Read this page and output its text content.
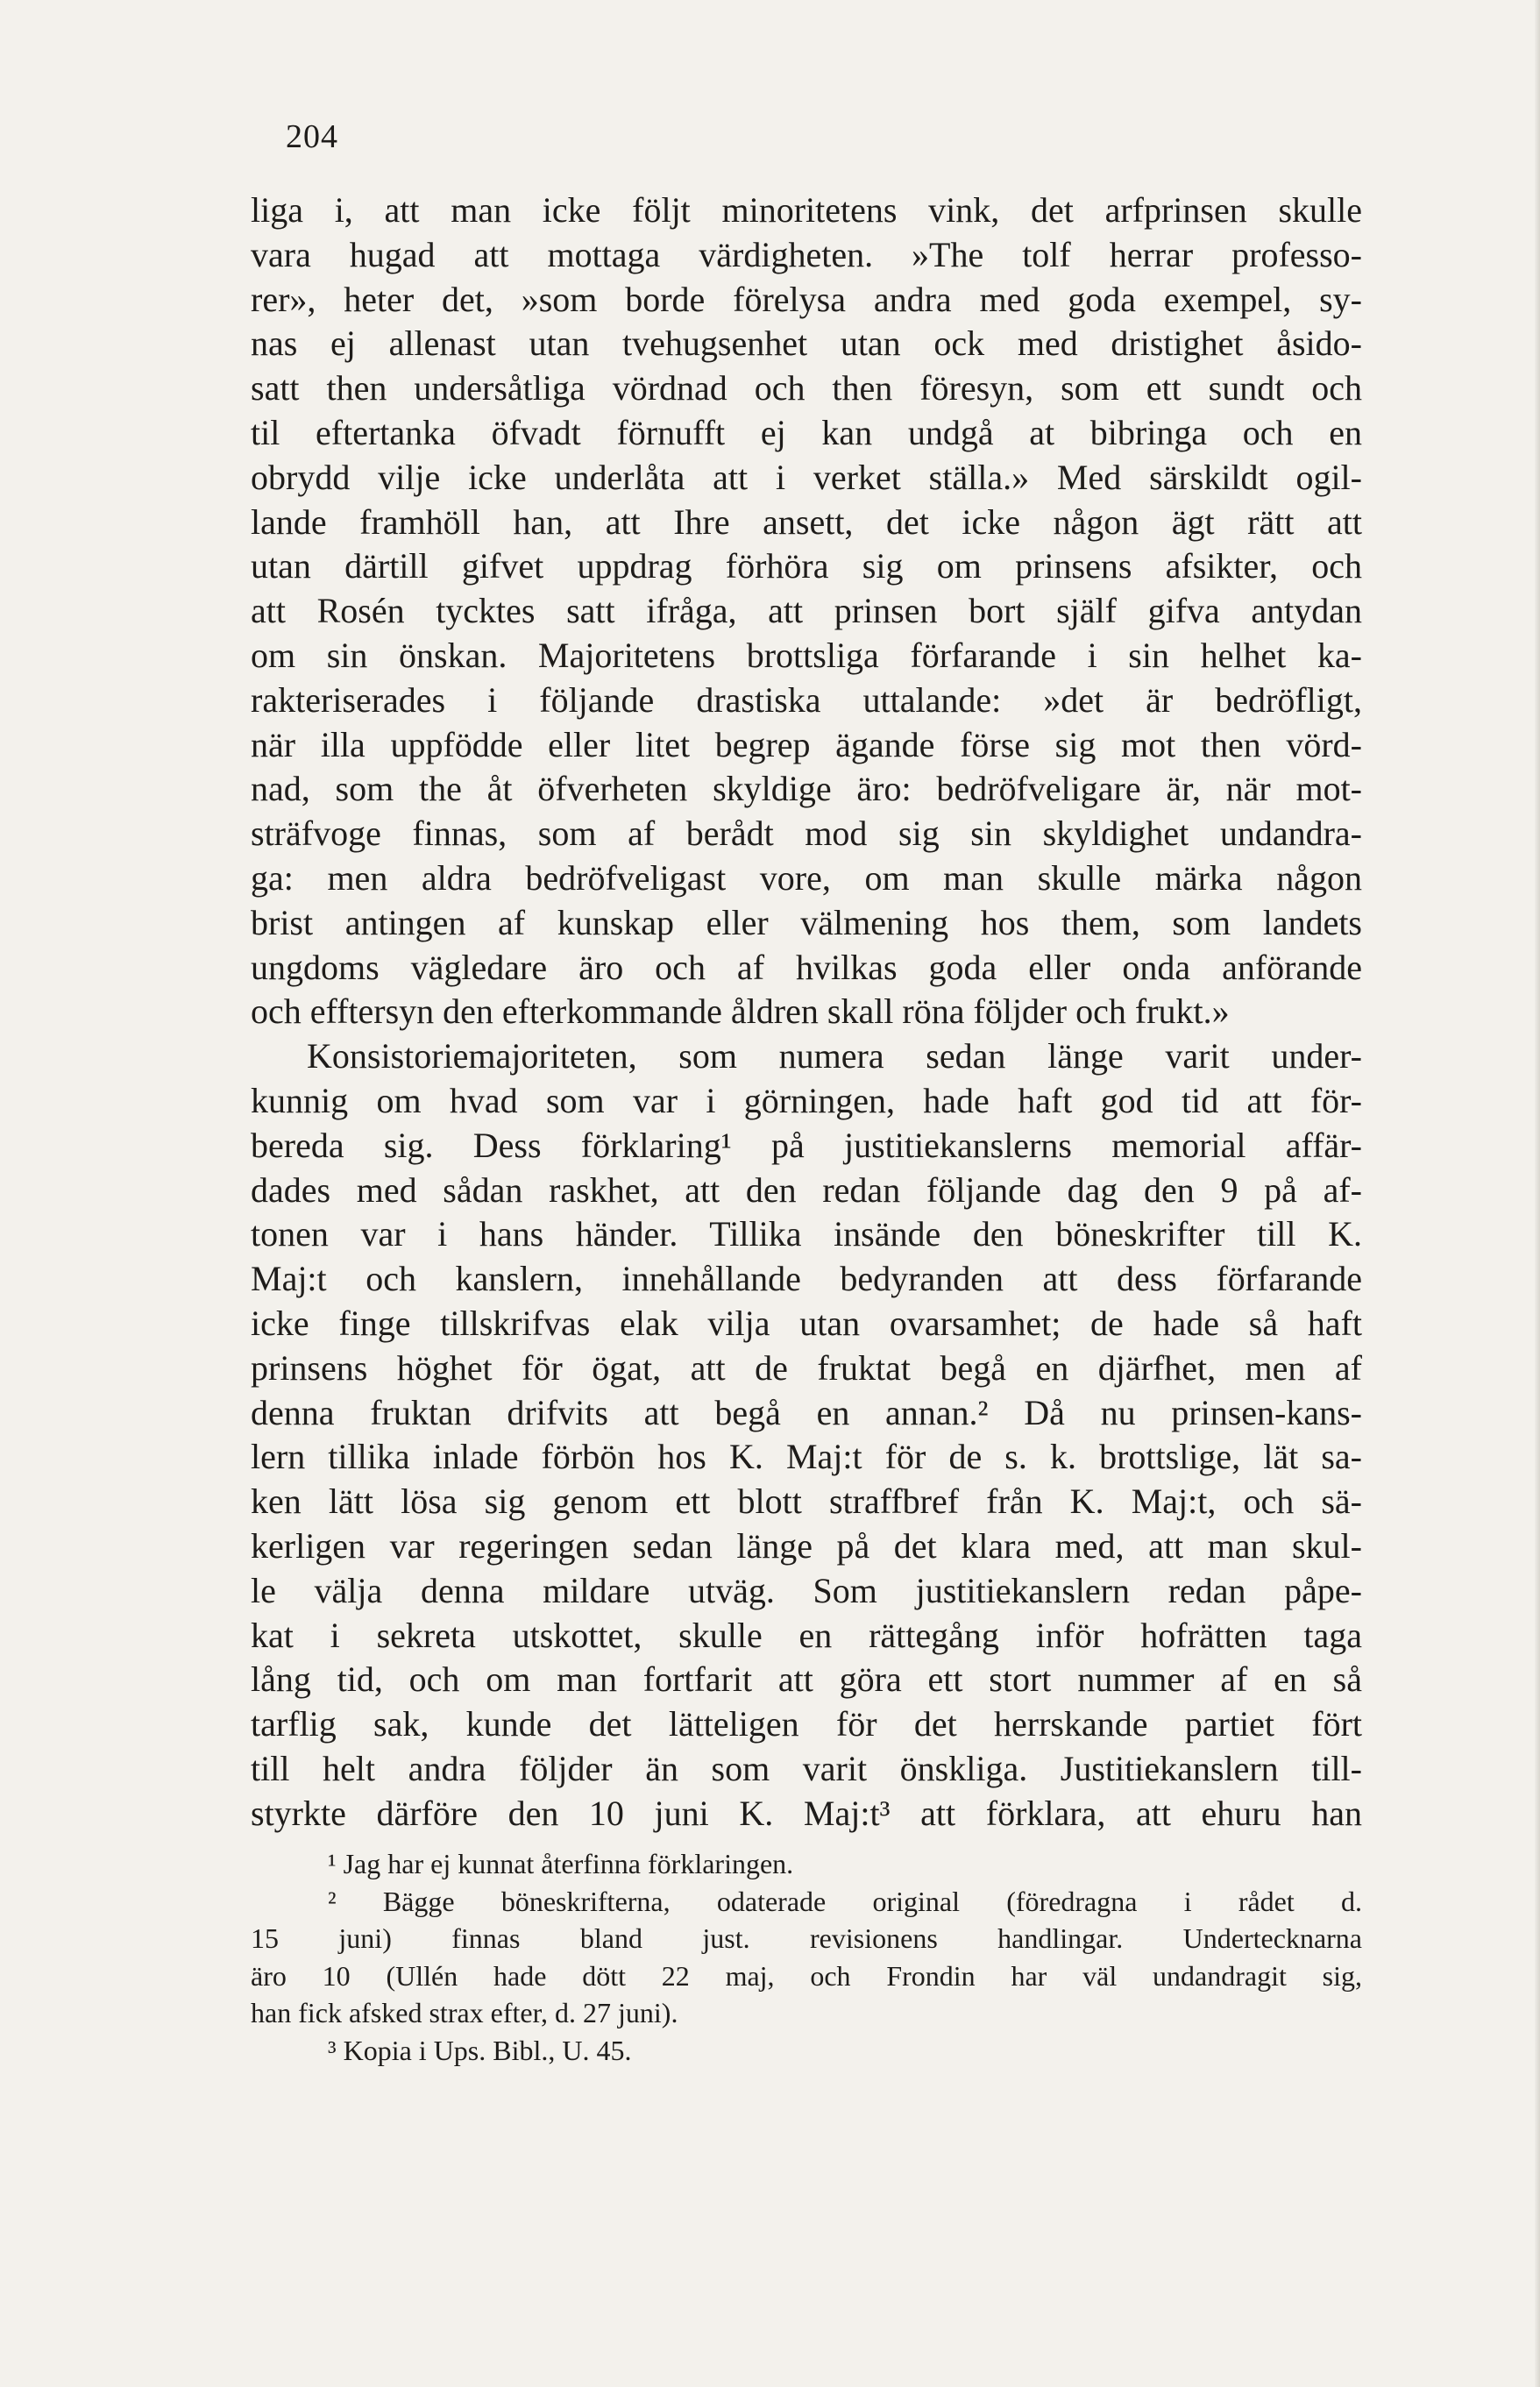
204
liga i, att man icke följt minoritetens vink, det arfprinsen skulle
vara hugad att mottaga värdigheten. »The tolf herrar professo-
rer», heter det, »som borde förelysa andra med goda exempel, sy-
nas ej allenast utan tvehugsenhet utan ock med dristighet åsido-
satt then undersåtliga vördnad och then föresyn, som ett sundt och
til eftertanka öfvadt förnufft ej kan undgå at bibringa och en
obrydd vilje icke underlåta att i verket ställa.» Med särskildt ogil-
lande framhöll han, att Ihre ansett, det icke någon ägt rätt att
utan därtill gifvet uppdrag förhöra sig om prinsens afsikter, och
att Rosén tycktes satt ifråga, att prinsen bort själf gifva antydan
om sin önskan. Majoritetens brottsliga förfarande i sin helhet ka-
rakteriserades i följande drastiska uttalande: »det är bedröfligt,
när illa uppfödde eller litet begrep ägande förse sig mot then vörd-
nad, som the åt öfverheten skyldige äro: bedröfveligare är, när mot-
sträfvoge finnas, som af berådt mod sig sin skyldighet undandra-
ga: men aldra bedröfveligast vore, om man skulle märka någon
brist antingen af kunskap eller välmening hos them, som landets
ungdoms vägledare äro och af hvilkas goda eller onda anförande
och efftersyn den efterkommande åldren skall röna följder och frukt.»
Konsistoriemajoriteten, som numera sedan länge varit under-
kunnig om hvad som var i görningen, hade haft god tid att för-
bereda sig. Dess förklaring¹ på justitiekanslerns memorial affär-
dades med sådan raskhet, att den redan följande dag den 9 på af-
tonen var i hans händer. Tillika insände den böneskrifter till K.
Maj:t och kanslern, innehållande bedyranden att dess förfarande
icke finge tillskrifvas elak vilja utan ovarsamhet; de hade så haft
prinsens höghet för ögat, att de fruktat begå en djärfhet, men af
denna fruktan drifvits att begå en annan.² Då nu prinsen-kans-
lern tillika inlade förbön hos K. Maj:t för de s. k. brottslige, lät sa-
ken lätt lösa sig genom ett blott straffbref från K. Maj:t, och sä-
kerligen var regeringen sedan länge på det klara med, att man skul-
le välja denna mildare utväg. Som justitiekanslern redan påpe-
kat i sekreta utskottet, skulle en rättegång inför hofrätten taga
lång tid, och om man fortfarit att göra ett stort nummer af en så
tarflig sak, kunde det lätteligen för det herrskande partiet fört
till helt andra följder än som varit önskliga. Justitiekanslern till-
styrkte därföre den 10 juni K. Maj:t³ att förklara, att ehuru han
¹ Jag har ej kunnat återfinna förklaringen.
² Bägge böneskrifterna, odaterade original (föredragna i rådet d.
15 juni) finnas bland just. revisionens handlingar. Undertecknarna
äro 10 (Ullén hade dött 22 maj, och Frondin har väl undandragit sig,
han fick afsked strax efter, d. 27 juni).
³ Kopia i Ups. Bibl., U. 45.
